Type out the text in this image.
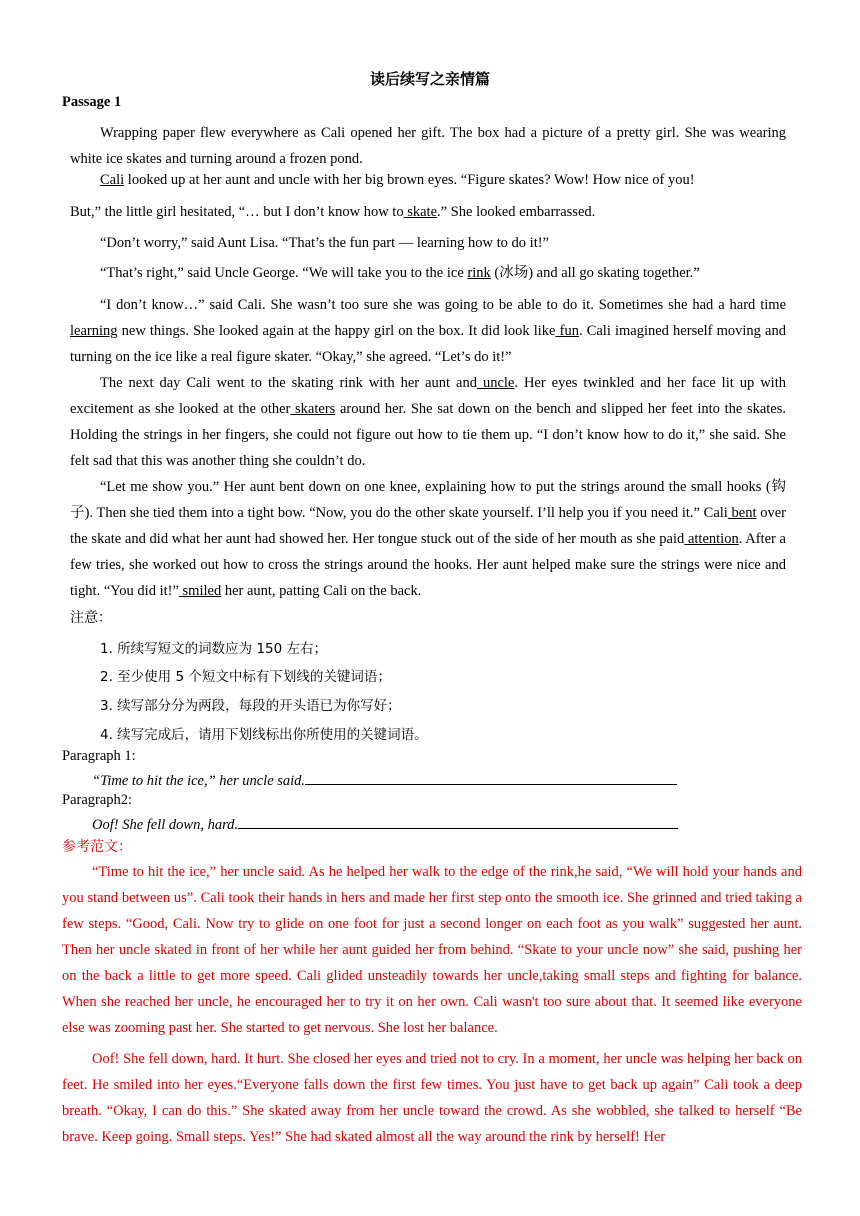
读后续写之亲情篇
Passage 1

Wrapping paper flew everywhere as Cali opened her gift. The box had a picture of a pretty girl. She was wearing white ice skates and turning around a frozen pond.

Cali looked up at her aunt and uncle with her big brown eyes. “Figure skates? Wow! How nice of you!

But,” the little girl hesitated, “… but I don’t know how to skate.” She looked embarrassed.

“Don’t worry,” said Aunt Lisa. “That’s the fun part — learning how to do it!”

“That’s right,” said Uncle George. “We will take you to the ice rink (冰场) and all go skating together.”

“I don’t know…” said Cali. She wasn’t too sure she was going to be able to do it. Sometimes she had a hard time learning new things. She looked again at the happy girl on the box. It did look like fun. Cali imagined herself moving and turning on the ice like a real figure skater. “Okay,” she agreed. “Let’s do it!”

The next day Cali went to the skating rink with her aunt and uncle. Her eyes twinkled and her face lit up with excitement as she looked at the other skaters around her. She sat down on the bench and slipped her feet into the skates. Holding the strings in her fingers, she could not figure out how to tie them up. “I don’t know how to do it,” she said. She felt sad that this was another thing she couldn’t do.

“Let me show you.” Her aunt bent down on one knee, explaining how to put the strings around the small hooks (钩子). Then she tied them into a tight bow. “Now, you do the other skate yourself. I’ll help you if you need it.” Cali bent over the skate and did what her aunt had showed her. Her tongue stuck out of the side of her mouth as she paid attention. After a few tries, she worked out how to cross the strings around the hooks. Her aunt helped make sure the strings were nice and tight. “You did it!” smiled her aunt, patting Cali on the back.

注意：
1. 所续写短文的词数应为 150 左右；
2. 至少使用 5 个短文中标有下划线的关键词语；
3. 续写部分分为两段，每段的开头语已为你写好；
4. 续写完成后，请用下划线标出你所使用的关键词语。
Paragraph 1:
“Time to hit the ice,” her uncle said.
Paragraph2:
Oof! She fell down, hard.
参考范文：

“Time to hit the ice,” her uncle said. As he helped her walk to the edge of the rink,he said, “We will hold your hands and you stand between us”. Cali took their hands in hers and made her first step onto the smooth ice. She grinned and tried taking a few steps. “Good, Cali. Now try to glide on one foot for just a second longer on each foot as you walk” suggested her aunt. Then her uncle skated in front of her while her aunt guided her from behind. “Skate to your uncle now” she said, pushing her on the back a little to get more speed. Cali glided unsteadily towards her uncle,taking small steps and fighting for balance. When she reached her uncle, he encouraged her to try it on her own. Cali wasn't too sure about that. It seemed like everyone else was zooming past her. She started to get nervous. She lost her balance.

Oof! She fell down, hard. It hurt. She closed her eyes and tried not to cry. In a moment, her uncle was helping her back on feet. He smiled into her eyes.“Everyone falls down the first few times. You just have to get back up again” Cali took a deep breath. “Okay, I can do this.” She skated away from her uncle toward the crowd. As she wobbled, she talked to herself “Be brave. Keep going. Small steps. Yes!” She had skated almost all the way around the rink by herself! Her
